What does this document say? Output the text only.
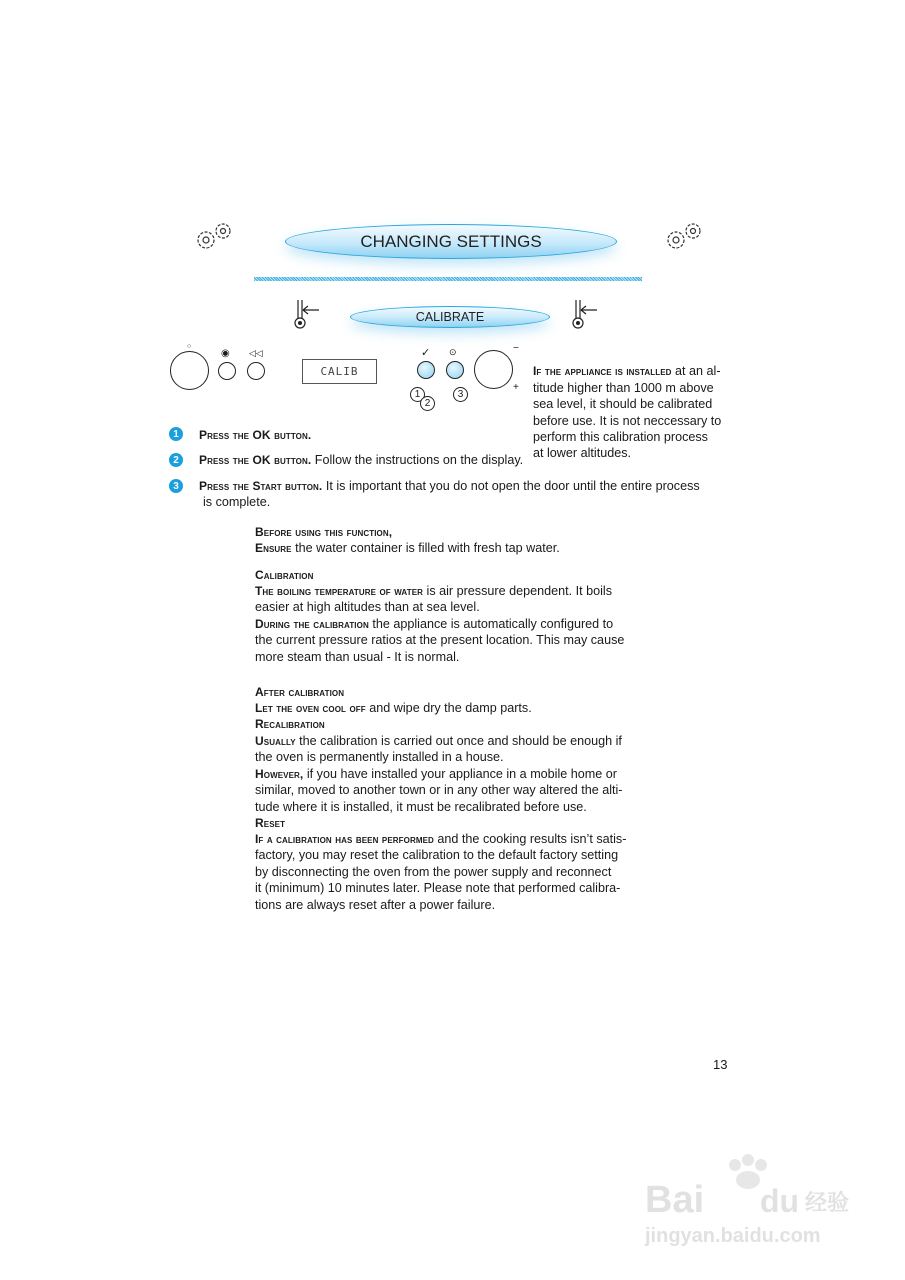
CHANGING SETTINGS
CALIBRATE
○
◉ ◁◁
CALIB
✓ ⊙	−
+
1
2
3

If the appliance is installed at an al-
titude higher than 1000 m above
sea level, it should be calibrated
before use. It is not neccessary to
perform this calibration process
at lower altitudes.
1	Press the OK button.
2	Press the OK button. Follow the instructions on the display.
3	Press the Start button. It is important that you do not open the door until the entire process
is complete.
Before using this function,
Ensure the water container is filled with fresh tap water.
Calibration
The boiling temperature of water is air pressure dependent. It boils
easier at high altitudes than at sea level.
During the calibration the appliance is automatically configured to
the current pressure ratios at the present location. This may cause
more steam than usual - It is normal.
After calibration
Let the oven cool off and wipe dry the damp parts.
Recalibration
Usually the calibration is carried out once and should be enough if
the oven is permanently installed in a house.
However, if you have installed your appliance in a mobile home or
similar, moved to another town or in any other way altered the alti-
tude where it is installed, it must be recalibrated before use.
Reset
If a calibration has been performed and the cooking results isn’t satis-
factory, you may reset the calibration to the default factory setting
by disconnecting the oven from the power supply and reconnect
it (minimum) 10 minutes later. Please note that performed calibra-
tions are always reset after a power failure.
13
Bai du 经验
jingyan.baidu.com
